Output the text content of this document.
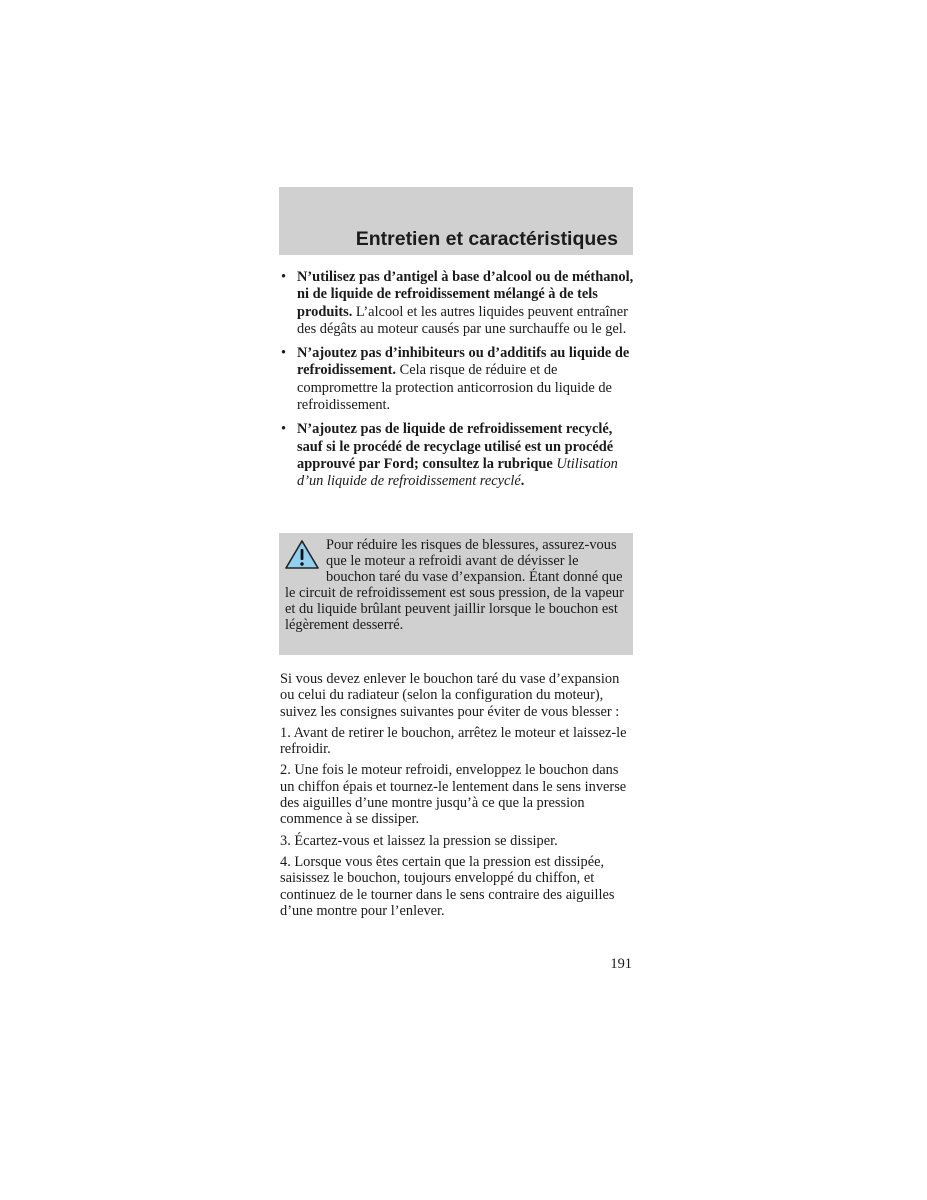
Entretien et caractéristiques
• N’utilisez pas d’antigel à base d’alcool ou de méthanol, ni de liquide de refroidissement mélangé à de tels produits. L’alcool et les autres liquides peuvent entraîner des dégâts au moteur causés par une surchauffe ou le gel.
• N’ajoutez pas d’inhibiteurs ou d’additifs au liquide de refroidissement. Cela risque de réduire et de compromettre la protection anticorrosion du liquide de refroidissement.
• N’ajoutez pas de liquide de refroidissement recyclé, sauf si le procédé de recyclage utilisé est un procédé approuvé par Ford; consultez la rubrique Utilisation d’un liquide de refroidissement recyclé.
Pour réduire les risques de blessures, assurez-vous que le moteur a refroidi avant de dévisser le bouchon taré du vase d’expansion. Étant donné que le circuit de refroidissement est sous pression, de la vapeur et du liquide brûlant peuvent jaillir lorsque le bouchon est légèrement desserré.

Si vous devez enlever le bouchon taré du vase d’expansion ou celui du radiateur (selon la configuration du moteur), suivez les consignes suivantes pour éviter de vous blesser :

1. Avant de retirer le bouchon, arrêtez le moteur et laissez-le refroidir.

2. Une fois le moteur refroidi, enveloppez le bouchon dans un chiffon épais et tournez-le lentement dans le sens inverse des aiguilles d’une montre jusqu’à ce que la pression commence à se dissiper.

3. Écartez-vous et laissez la pression se dissiper.

4. Lorsque vous êtes certain que la pression est dissipée, saisissez le bouchon, toujours enveloppé du chiffon, et continuez de le tourner dans le sens contraire des aiguilles d’une montre pour l’enlever.

191
